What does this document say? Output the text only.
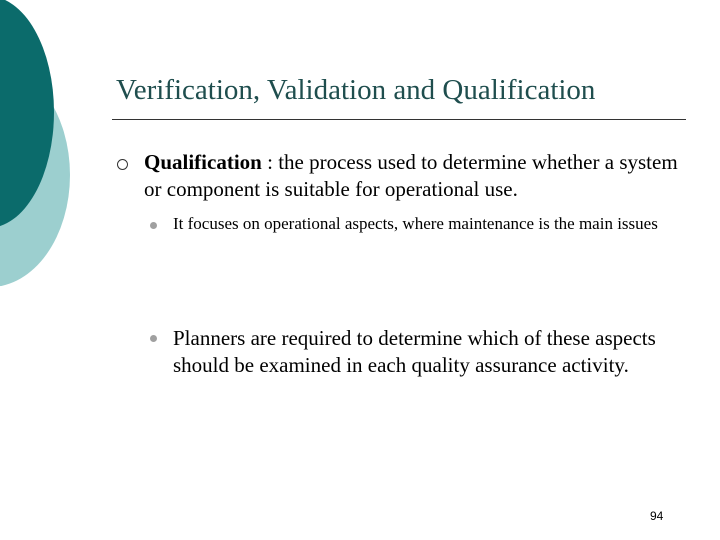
Verification, Validation and Qualification
Qualification : the process used to determine whether a system or component is suitable for operational use.
It focuses on operational aspects, where maintenance is the main issues
Planners are required to determine which of these aspects should be examined in each quality assurance activity.
94
